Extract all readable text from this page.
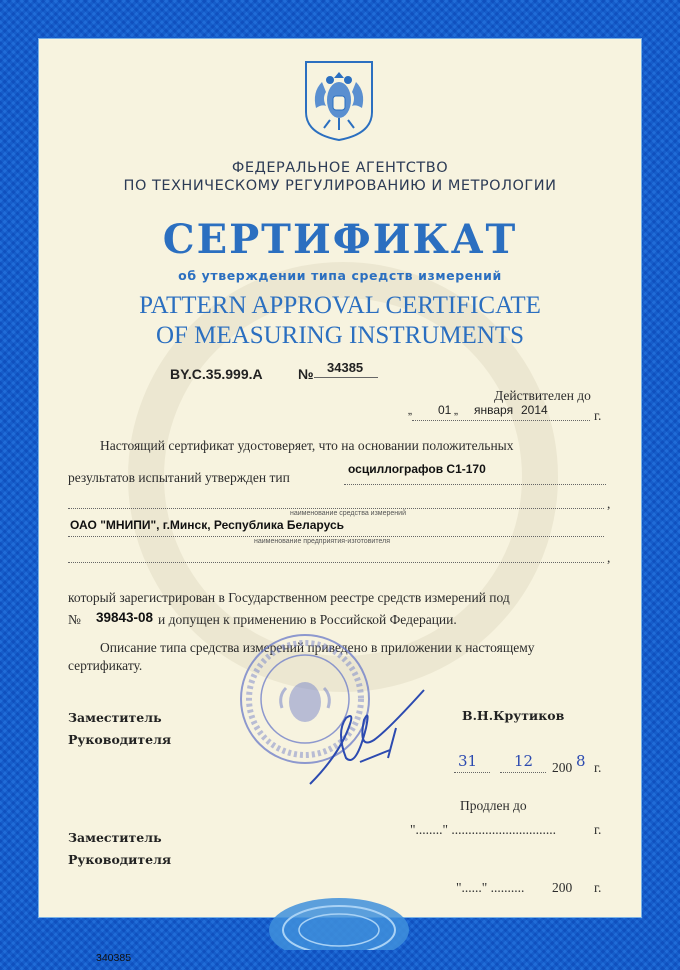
ФЕДЕРАЛЬНОЕ АГЕНТСТВО
ПО ТЕХНИЧЕСКОМУ РЕГУЛИРОВАНИЮ И МЕТРОЛОГИИ
СЕРТИФИКАТ
об утверждении типа средств измерений
PATTERN APPROVAL CERTIFICATE
OF MEASURING INSTRUMENTS
BY.C.35.999.A	№ 34385
Действителен до
„ 01 „ января 2014	г.
Настоящий сертификат удостоверяет, что на основании положительных
результатов испытаний утвержден тип
осциллографов С1-170
,
наименование средства измерений
ОАО "МНИПИ", г.Минск, Республика Беларусь
наименование предприятия-изготовителя
,
который зарегистрирован в Государственном реестре средств измерений под
№ 39843-08 и допущен к применению в Российской Федерации.
Описание типа средства измерений приведено в приложении к настоящему
сертификату.
Заместитель
Руководителя
В.Н.Крутиков
31 12 200 8 г.
Продлен до
"........" ...............................	г.
Заместитель
Руководителя
"......" .......... 200 г.
340385
